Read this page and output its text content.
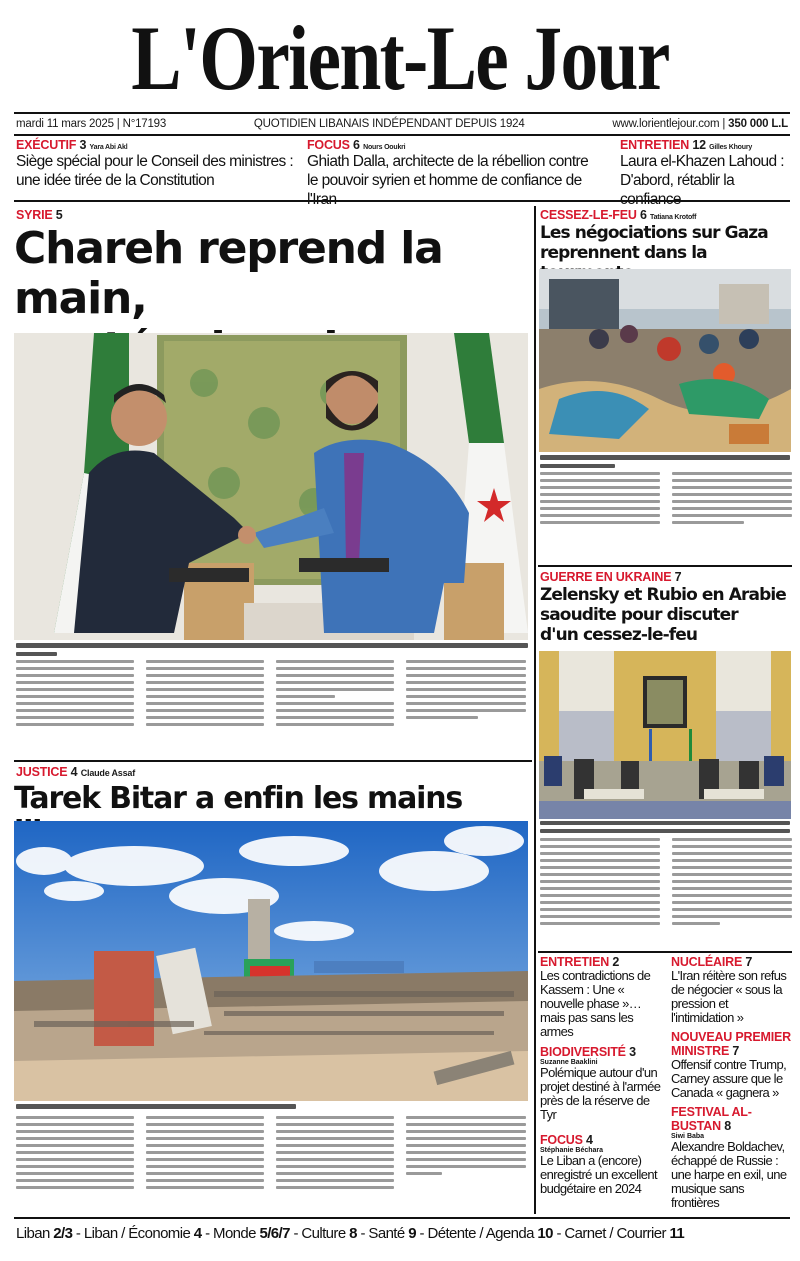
L'Orient-Le Jour
mardi 11 mars 2025 | N°17193	QUOTIDIEN LIBANAIS INDÉPENDANT DEPUIS 1924	www.lorientlejour.com | 350 000 L.L
EXÉCUTIF 3 Yara Abi Akl
Siège spécial pour le Conseil des ministres : une idée tirée de la Constitution
FOCUS 6 Nours Ooukri
Ghiath Dalla, architecte de la rébellion contre le pouvoir syrien et homme de confiance de
ENTRETIEN 12 Gilles Khoury
Laura el-Khazen Lahoud : D'abord, rétablir la
SYRIE 5
Chareh reprend la main,
JUSTICE 4 Claude Assaf
Tarek Bitar a enfin les mains
CESSEZ-LE-FEU 6 Tatiana Krotoff
Les négociations sur Gaza
reprennent dans la
GUERRE EN UKRAINE 7
Zelensky et Rubio en Arabie
saoudite pour discuter
d'un cessez-le-feu
ENTRETIEN 2
Les contradictions de Kassem : Une « nouvelle phase »… mais pas sans les armes
BIODIVERSITÉ 3
Suzanne Baaklini
Polémique autour d'un projet destiné à l'armée près de la réserve de Tyr
FOCUS 4
Stéphanie Béchara
Le Liban a (encore) enregistré un excellent budgétaire en 2024
NUCLÉAIRE 7
L'Iran réitère son refus de négocier « sous la pression et l'intimidation »
NOUVEAU PREMIER MINISTRE 7
Offensif contre Trump, Carney assure que le Canada « gagnera »
FESTIVAL AL-BUSTAN 8
Siwi Baba
Alexandre Boldachev, échappé de Russie : une harpe en exil, une musique sans frontières
Liban 2/3 - Liban / Économie 4 - Monde 5/6/7 - Culture 8 - Santé 9 - Détente / Agenda 10 - Carnet / Courrier 11
